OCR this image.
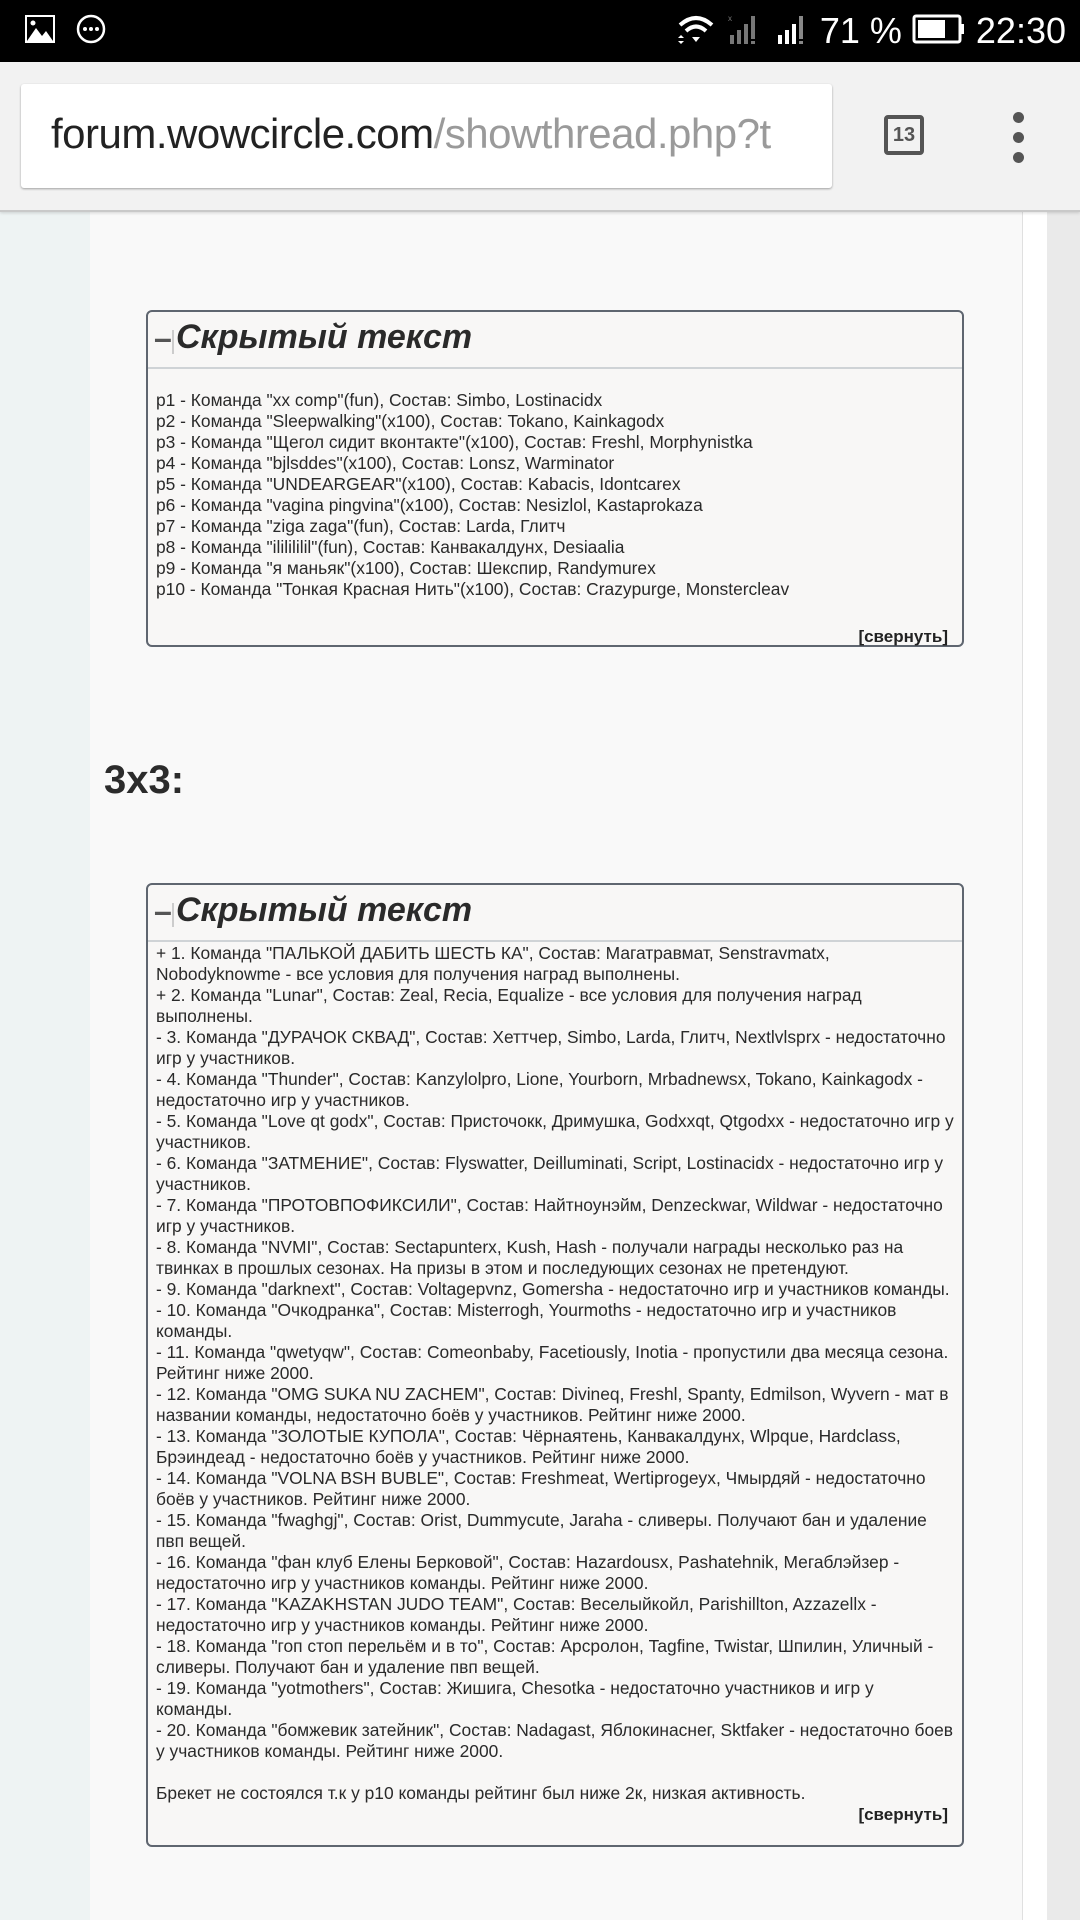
x 71 % 22:30
forum.wowcircle.com/showthread.php?t	13
– Скрытый текст
p1 - Команда "xx comp"(fun), Состав: Simbo, Lostinacidx
p2 - Команда "Sleepwalking"(x100), Состав: Tokano, Kainkagodx
p3 - Команда "Щегол сидит вконтакте"(x100), Состав: Freshl, Morphynistka
p4 - Команда "bjlsddes"(x100), Состав: Lonsz, Warminator
p5 - Команда "UNDEARGEAR"(x100), Состав: Kabacis, Idontcarex
p6 - Команда "vagina pingvina"(x100), Состав: Nesizlol, Kastaprokaza
p7 - Команда "ziga zaga"(fun), Состав: Larda, Глитч
p8 - Команда "ililililil"(fun), Состав: Канвакалдунх, Desiaalia
p9 - Команда "я маньяк"(x100), Состав: Шекспир, Randymurex
p10 - Команда "Тонкая Красная Нить"(x100), Состав: Crazypurge, Monstercleav
[свернуть]
3x3:
– Скрытый текст
+ 1. Команда "ПАЛЬКОЙ ДАБИТЬ ШЕСТЬ КА", Состав: Магатравмат, Senstravmatx, Nobodyknowme - все условия для получения наград выполнены.
+ 2. Команда "Lunar", Состав: Zeal, Recia, Equalize - все условия для получения наград выполнены.
- 3. Команда "ДУРАЧОК СКВАД", Состав: Хеттчер, Simbo, Larda, Глитч, Nextlvlsprx - недостаточно игр у участников.
- 4. Команда "Thunder", Состав: Kanzylolpro, Lione, Yourborn, Mrbadnewsx, Tokano, Kainkagodx - недостаточно игр у участников.
- 5. Команда "Love qt godx", Состав: Присточокк, Дримушка, Godxxqt, Qtgodxx - недостаточно игр у участников.
- 6. Команда "ЗАТМЕНИЕ", Состав: Flyswatter, Deilluminati, Script, Lostinacidx - недостаточно игр у участников.
- 7. Команда "ПРОТОВПОФИКСИЛИ", Состав: Найтноунэйм, Denzeckwar, Wildwar - недостаточно игр у участников.
- 8. Команда "NVMI", Состав: Sectapunterx, Kush, Hash - получали награды несколько раз на твинках в прошлых сезонах. На призы в этом и последующих сезонах не претендуют.
- 9. Команда "darknext", Состав: Voltagepvnz, Gomersha - недостаточно игр и участников команды.
- 10. Команда "Очкодранка", Состав: Misterrogh, Yourmoths - недостаточно игр и участников команды.
- 11. Команда "qwetyqw", Состав: Comeonbaby, Facetiously, Inotia - пропустили два месяца сезона. Рейтинг ниже 2000.
- 12. Команда "OMG SUKA NU ZACHEM", Состав: Divineq, Freshl, Spanty, Edmilson, Wyvern - мат в названии команды, недостаточно боёв у участников. Рейтинг ниже 2000.
- 13. Команда "ЗОЛОТЫЕ КУПОЛА", Состав: Чёрнаятень, Канвакалдунх, Wlpque, Hardclass, Брэиндеад - недостаточно боёв у участников. Рейтинг ниже 2000.
- 14. Команда "VOLNA BSH BUBLE", Состав: Freshmeat, Wertiprogeyx, Чмырдяй - недостаточно боёв у участников. Рейтинг ниже 2000.
- 15. Команда "fwaghgj", Состав: Orist, Dummycute, Jaraha - сливеры. Получают бан и удаление пвп вещей.
- 16. Команда "фан клуб Елены Берковой", Состав: Hazardousx, Pashatehnik, Мегаблэйзер - недостаточно игр у участников команды. Рейтинг ниже 2000.
- 17. Команда "KAZAKHSTAN JUDO TEAM", Состав: Веселыйкойл, Parishillton, Azzazellx - недостаточно игр у участников команды. Рейтинг ниже 2000.
- 18. Команда "гоп стоп перельём и в то", Состав: Арсролон, Tagfine, Twistar, Шпилин, Уличный - сливеры. Получают бан и удаление пвп вещей.
- 19. Команда "yotmothers", Состав: Жишига, Chesotka - недостаточно участников и игр у команды.
- 20. Команда "бомжевик затейник", Состав: Nadagast, Яблокинаснег, Sktfaker - недостаточно боев у участников команды. Рейтинг ниже 2000.
Брекет не состоялся т.к у p10 команды рейтинг был ниже 2к, низкая активность.
[свернуть]
